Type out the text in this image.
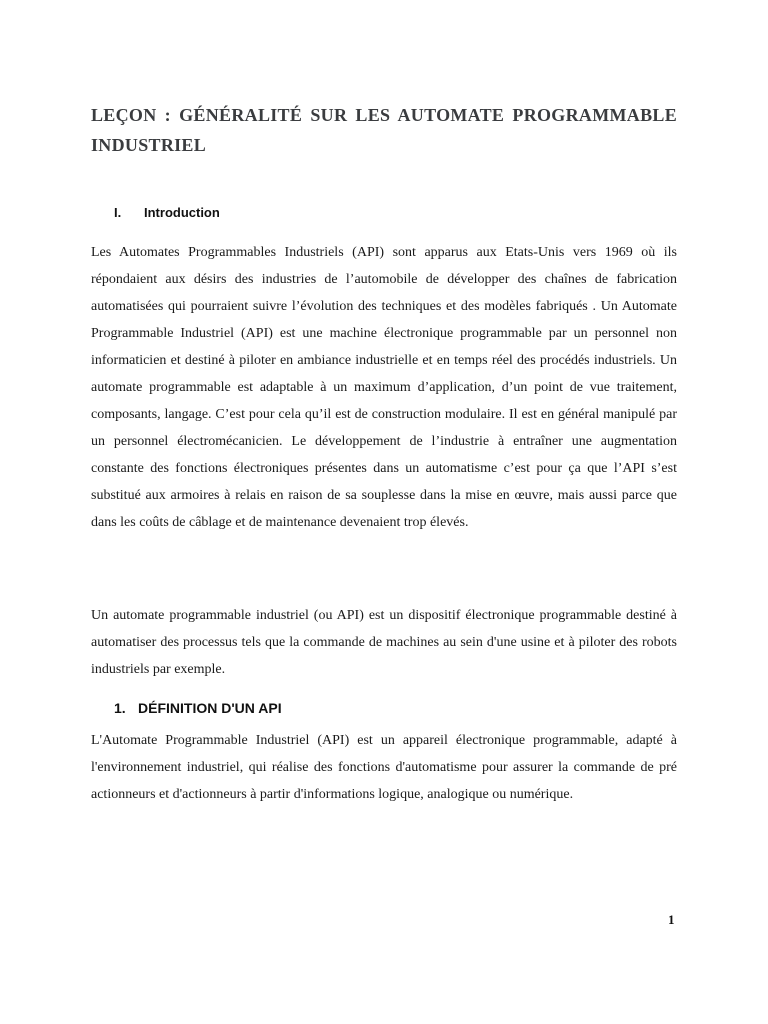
LEÇON : GÉNÉRALITÉ SUR LES AUTOMATE PROGRAMMABLE INDUSTRIEL
I. Introduction

Les Automates Programmables Industriels (API) sont apparus aux Etats-Unis vers 1969 où ils répondaient aux désirs des industries de l’automobile de développer des chaînes de fabrication automatisées qui pourraient suivre l’évolution des techniques et des modèles fabriqués . Un Automate Programmable Industriel (API) est une machine électronique programmable par un personnel non informaticien et destiné à piloter en ambiance industrielle et en temps réel des procédés industriels. Un automate programmable est adaptable à un maximum d’application, d’un point de vue traitement, composants, langage. C’est pour cela qu’il est de construction modulaire. Il est en général manipulé par un personnel électromécanicien. Le développement de l’industrie à entraîner une augmentation constante des fonctions électroniques présentes dans un automatisme c’est pour ça que l’API s’est substitué aux armoires à relais en raison de sa souplesse dans la mise en œuvre, mais aussi parce que dans les coûts de câblage et de maintenance devenaient trop élevés.

Un automate programmable industriel (ou API) est un dispositif électronique programmable destiné à automatiser des processus tels que la commande de machines au sein d'une usine et à piloter des robots industriels par exemple.

1. DÉFINITION D'UN API

L'Automate Programmable Industriel (API) est un appareil électronique programmable, adapté à l'environnement industriel, qui réalise des fonctions d'automatisme pour assurer la commande de pré actionneurs et d'actionneurs à partir d'informations logique, analogique ou numérique.

1
